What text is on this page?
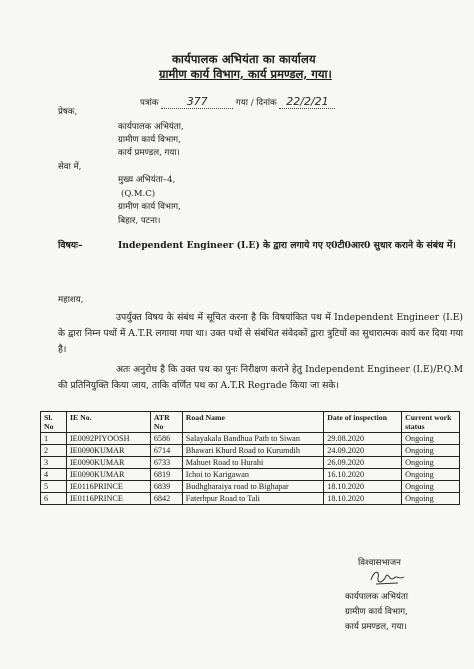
कार्यपालक अभियंता का कार्यालय
ग्रामीण कार्य विभाग, कार्य प्रमण्डल, गया।
पत्रांक	377	गया / दिनांक 22/2/21
प्रेषक,
कार्यपालक अभियंता,
ग्रामीण कार्य विभाग,
कार्य प्रमण्डल, गया।
सेवा में,
मुख्य अभियंता–4,
(Q.M.C)
ग्रामीण कार्य विभाग,
बिहार, पटना।
विषयः–	Independent Engineer (I.E) के द्वारा लगाये गए ए0टी0आर0 सुधार कराने के संबंध में।
महाशय,
उपर्युक्त विषय के संबंध में सूचित करना है कि विषयांकित पथ में Independent Engineer (I.E) के द्वारा निम्न पथों में A.T.R लगाया गया था। उक्त पथों से संबंधित संवेदकों द्वारा त्रुटियों का सुधारात्मक कार्य कर दिया गया है।
अतः अनुरोध है कि उक्त पथ का पुनः निरीक्षण कराने हेतु Independent Engineer (I.E)/P.Q.M की प्रतिनियुक्ति किया जाय, ताकि वर्णित पथ का A.T.R Regrade किया जा सके।
Sl. No	IE No.	ATR No	Road Name	Date of inspection	Current work status
1	IE0092PIYOOSH	6586	Salayakala Bandhua Path to Siwan	29.08.2020	Ongoing
2	IE0090KUMAR	6714	Bhawari Khurd Road to Kurumdih	24.09.2020	Ongoing
3	IE0090KUMAR	6733	Mahuet Road to Hurahi	26.09.2020	Ongoing
4	IE0090KUMAR	6819	Ichoi to Karigawan	16.10.2020	Ongoing
5	IE0116PRINCE	6839	Budhgharaiya road to Bighapar	18.10.2020	Ongoing
6	IE0116PRINCE	6842	Faterhpur Road to Tali	18.10.2020	Ongoing
विश्वासभाजन
कार्यपालक अभियंता
ग्रामीण कार्य विभाग,
कार्य प्रमण्डल, गया।
